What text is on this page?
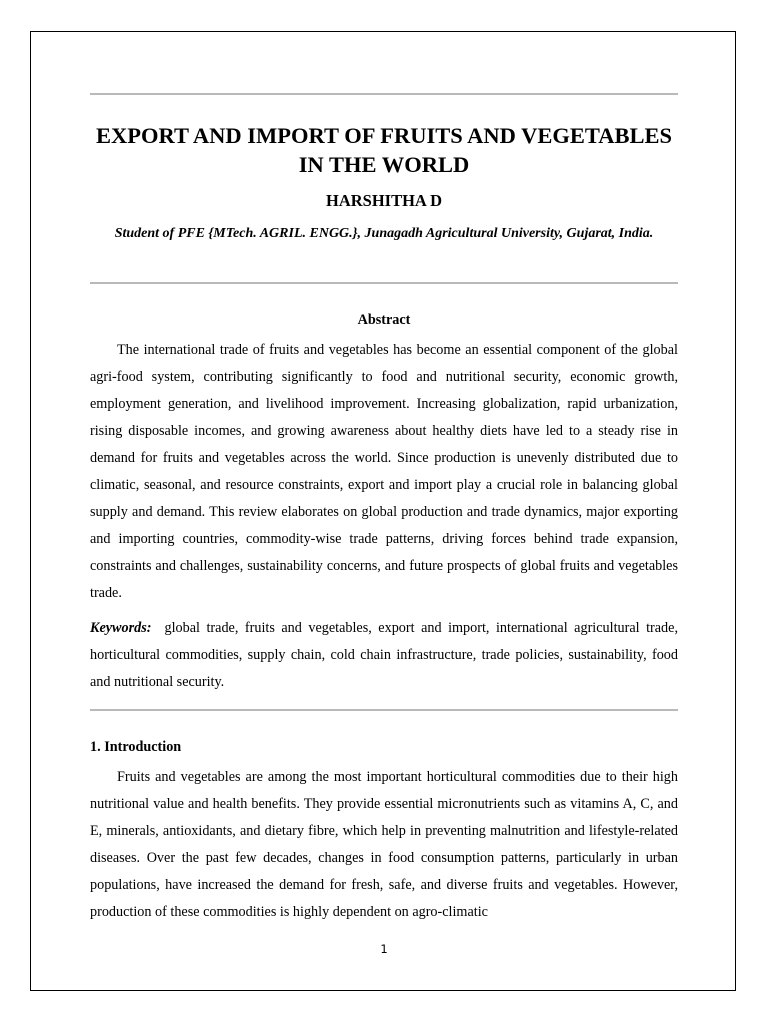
EXPORT AND IMPORT OF FRUITS AND VEGETABLES IN THE WORLD
HARSHITHA D
Student of PFE {MTech. AGRIL. ENGG.}, Junagadh Agricultural University, Gujarat, India.
Abstract

The international trade of fruits and vegetables has become an essential component of the global agri-food system, contributing significantly to food and nutritional security, economic growth, employment generation, and livelihood improvement. Increasing globalization, rapid urbanization, rising disposable incomes, and growing awareness about healthy diets have led to a steady rise in demand for fruits and vegetables across the world. Since production is unevenly distributed due to climatic, seasonal, and resource constraints, export and import play a crucial role in balancing global supply and demand. This review elaborates on global production and trade dynamics, major exporting and importing countries, commodity-wise trade patterns, driving forces behind trade expansion, constraints and challenges, sustainability concerns, and future prospects of global fruits and vegetables trade.

Keywords: global trade, fruits and vegetables, export and import, international agricultural trade, horticultural commodities, supply chain, cold chain infrastructure, trade policies, sustainability, food and nutritional security.

1. Introduction

Fruits and vegetables are among the most important horticultural commodities due to their high nutritional value and health benefits. They provide essential micronutrients such as vitamins A, C, and E, minerals, antioxidants, and dietary fibre, which help in preventing malnutrition and lifestyle-related diseases. Over the past few decades, changes in food consumption patterns, particularly in urban populations, have increased the demand for fresh, safe, and diverse fruits and vegetables. However, production of these commodities is highly dependent on agro-climatic

1
